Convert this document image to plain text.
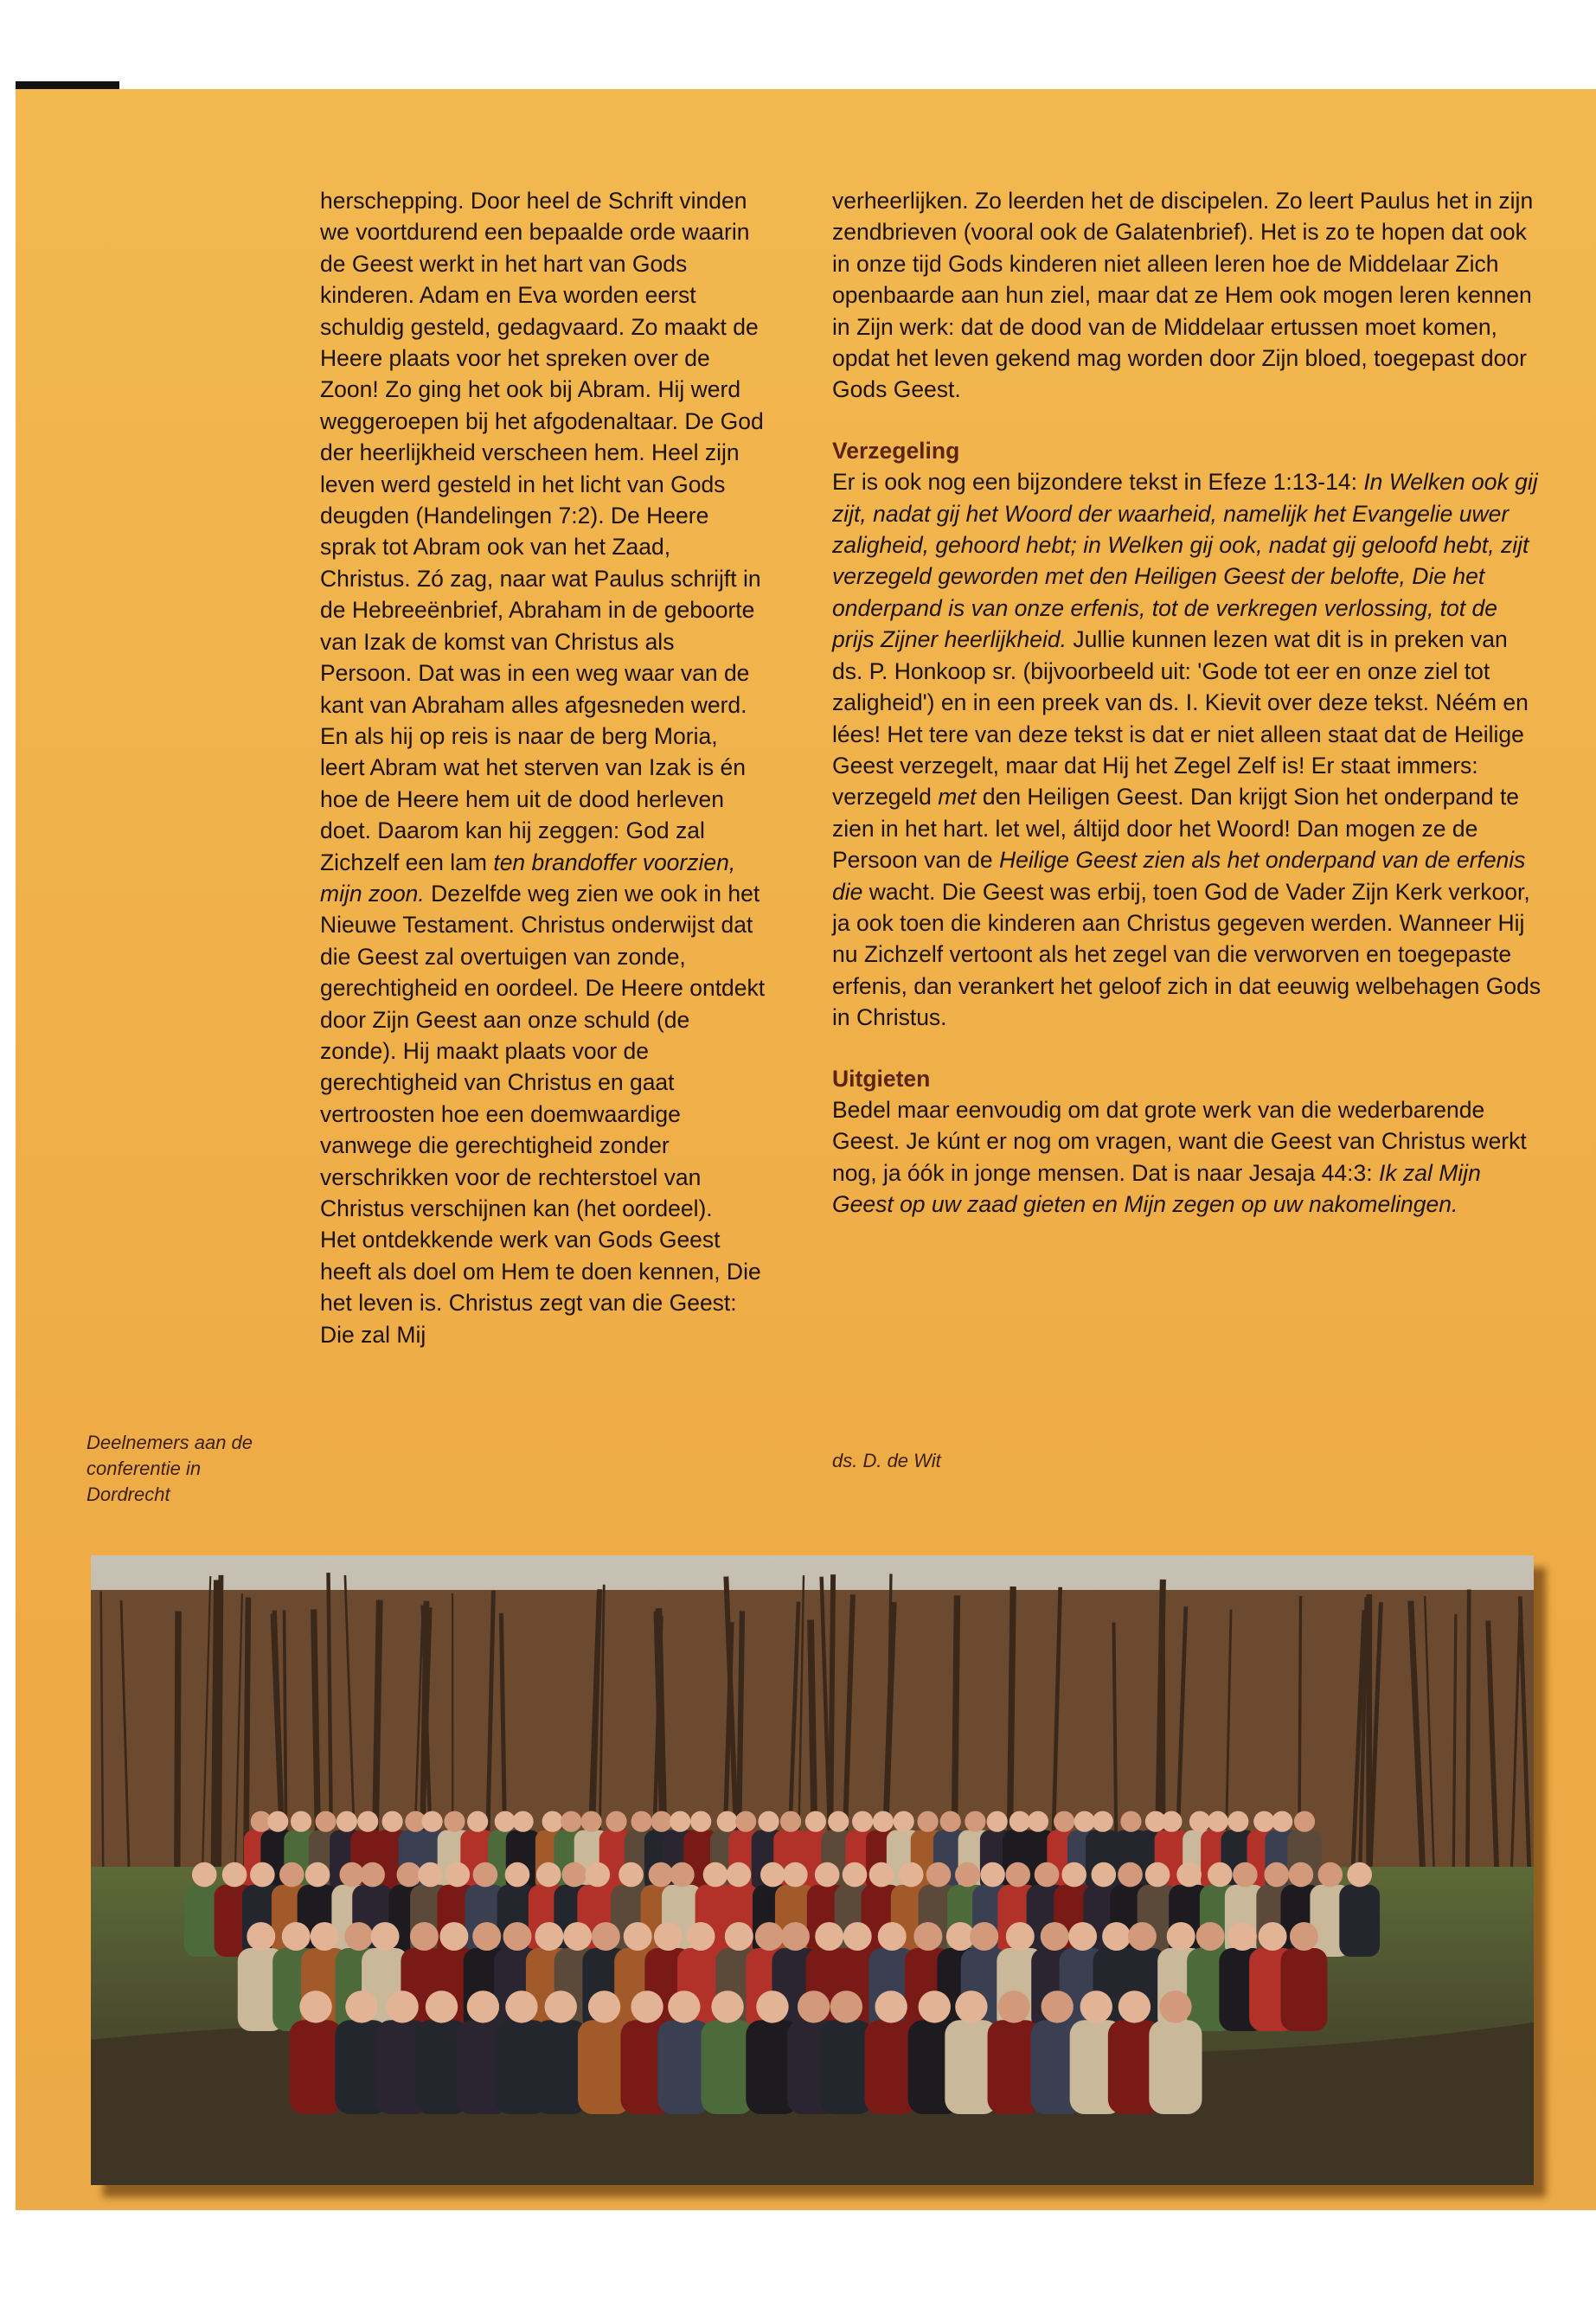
herschepping. Door heel de Schrift vinden we voortdurend een bepaalde orde waarin de Geest werkt in het hart van Gods kinderen. Adam en Eva worden eerst schuldig gesteld, gedagvaard. Zo maakt de Heere plaats voor het spreken over de Zoon! Zo ging het ook bij Abram. Hij werd weggeroepen bij het afgodenaltaar. De God der heerlijkheid verscheen hem. Heel zijn leven werd gesteld in het licht van Gods deugden (Handelingen 7:2). De Heere sprak tot Abram ook van het Zaad, Christus. Zó zag, naar wat Paulus schrijft in de Hebreeënbrief, Abraham in de geboorte van Izak de komst van Christus als Persoon. Dat was in een weg waar van de kant van Abraham alles afgesneden werd. En als hij op reis is naar de berg Moria, leert Abram wat het sterven van Izak is én hoe de Heere hem uit de dood herleven doet. Daarom kan hij zeggen: God zal Zichzelf een lam ten brandoffer voorzien, mijn zoon. Dezelfde weg zien we ook in het Nieuwe Testament. Christus onderwijst dat die Geest zal overtuigen van zonde, gerechtigheid en oordeel. De Heere ontdekt door Zijn Geest aan onze schuld (de zonde). Hij maakt plaats voor de gerechtigheid van Christus en gaat vertroosten hoe een doemwaardige vanwege die gerechtigheid zonder verschrikken voor de rechterstoel van Christus verschijnen kan (het oordeel).

Het ontdekkende werk van Gods Geest heeft als doel om Hem te doen kennen, Die het leven is. Christus zegt van die Geest: Die zal Mij

verheerlijken. Zo leerden het de discipelen. Zo leert Paulus het in zijn zendbrieven (vooral ook de Galatenbrief). Het is zo te hopen dat ook in onze tijd Gods kinderen niet alleen leren hoe de Middelaar Zich openbaarde aan hun ziel, maar dat ze Hem ook mogen leren kennen in Zijn werk: dat de dood van de Middelaar ertussen moet komen, opdat het leven gekend mag worden door Zijn bloed, toegepast door Gods Geest.

Verzegeling

Er is ook nog een bijzondere tekst in Efeze 1:13-14: In Welken ook gij zijt, nadat gij het Woord der waarheid, namelijk het Evangelie uwer zaligheid, gehoord hebt; in Welken gij ook, nadat gij geloofd hebt, zijt verzegeld geworden met den Heiligen Geest der belofte, Die het onderpand is van onze erfenis, tot de verkregen verlossing, tot de prijs Zijner heerlijkheid. Jullie kunnen lezen wat dit is in preken van ds. P. Honkoop sr. (bijvoorbeeld uit: 'Gode tot eer en onze ziel tot zaligheid') en in een preek van ds. I. Kievit over deze tekst. Néém en lées! Het tere van deze tekst is dat er niet alleen staat dat de Heilige Geest verzegelt, maar dat Hij het Zegel Zelf is! Er staat immers: verzegeld met den Heiligen Geest. Dan krijgt Sion het onderpand te zien in het hart. let wel, áltijd door het Woord! Dan mogen ze de Persoon van de Heilige Geest zien als het onderpand van de erfenis die wacht. Die Geest was erbij, toen God de Vader Zijn Kerk verkoor, ja ook toen die kinderen aan Christus gegeven werden. Wanneer Hij nu Zichzelf vertoont als het zegel van die verworven en toegepaste erfenis, dan verankert het geloof zich in dat eeuwig welbehagen Gods in Christus.

Uitgieten

Bedel maar eenvoudig om dat grote werk van die wederbarende Geest. Je kúnt er nog om vragen, want die Geest van Christus werkt nog, ja óók in jonge mensen. Dat is naar Jesaja 44:3: Ik zal Mijn Geest op uw zaad gieten en Mijn zegen op uw nakomelingen.

Deelnemers aan de conferentie in Dordrecht
ds. D. de Wit
